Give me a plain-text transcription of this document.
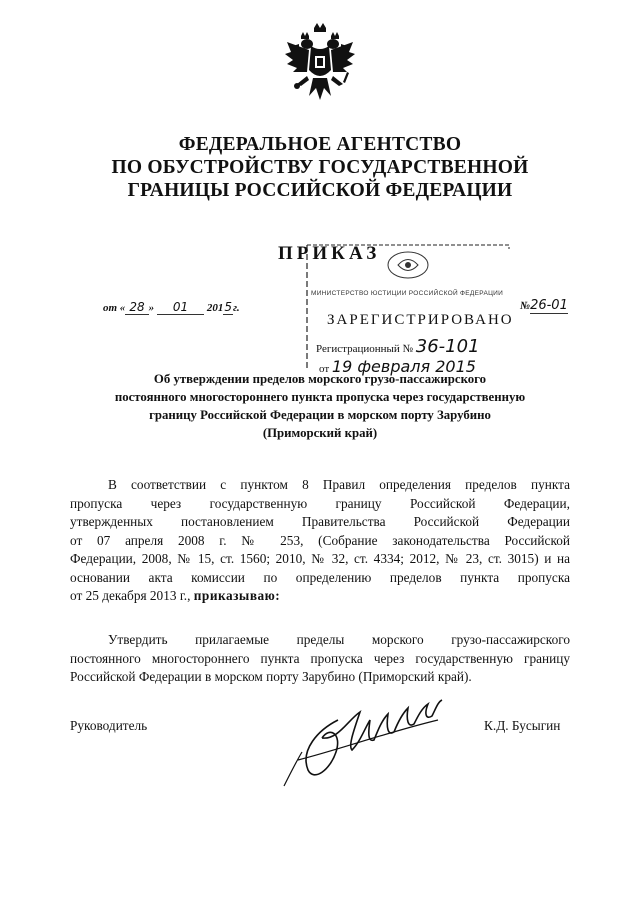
ФЕДЕРАЛЬНОЕ АГЕНТСТВО
ПО ОБУСТРОЙСТВУ ГОСУДАРСТВЕННОЙ
ГРАНИЦЫ РОССИЙСКОЙ ФЕДЕРАЦИИ
ПРИКАЗ
от « 28 » 01 2015г.	№26-01
МИНИСТЕРСТВО ЮСТИЦИИ РОССИЙСКОЙ ФЕДЕРАЦИИ
ЗАРЕГИСТРИРОВАНО
Регистрационный № 36-101
от 19 февраля 2015
Об утверждении пределов морского грузо-пассажирского
постоянного многостороннего пункта пропуска через государственную
границу Российской Федерации в морском порту Зарубино
(Приморский край)
В соответствии с пунктом 8 Правил определения пределов пункта
пропуска через государственную границу Российской Федерации,
утвержденных постановлением Правительства Российской Федерации
от 07 апреля 2008 г. № 253, (Собрание законодательства Российской
Федерации, 2008, № 15, ст. 1560; 2010, № 32, ст. 4334; 2012, № 23, ст. 3015) и на
основании акта комиссии по определению пределов пункта пропуска
от 25 декабря 2013 г., приказываю:
Утвердить прилагаемые пределы морского грузо-пассажирского
постоянного многостороннего пункта пропуска через государственную границу
Российской Федерации в морском порту Зарубино (Приморский край).
Руководитель	К.Д. Бусыгин
